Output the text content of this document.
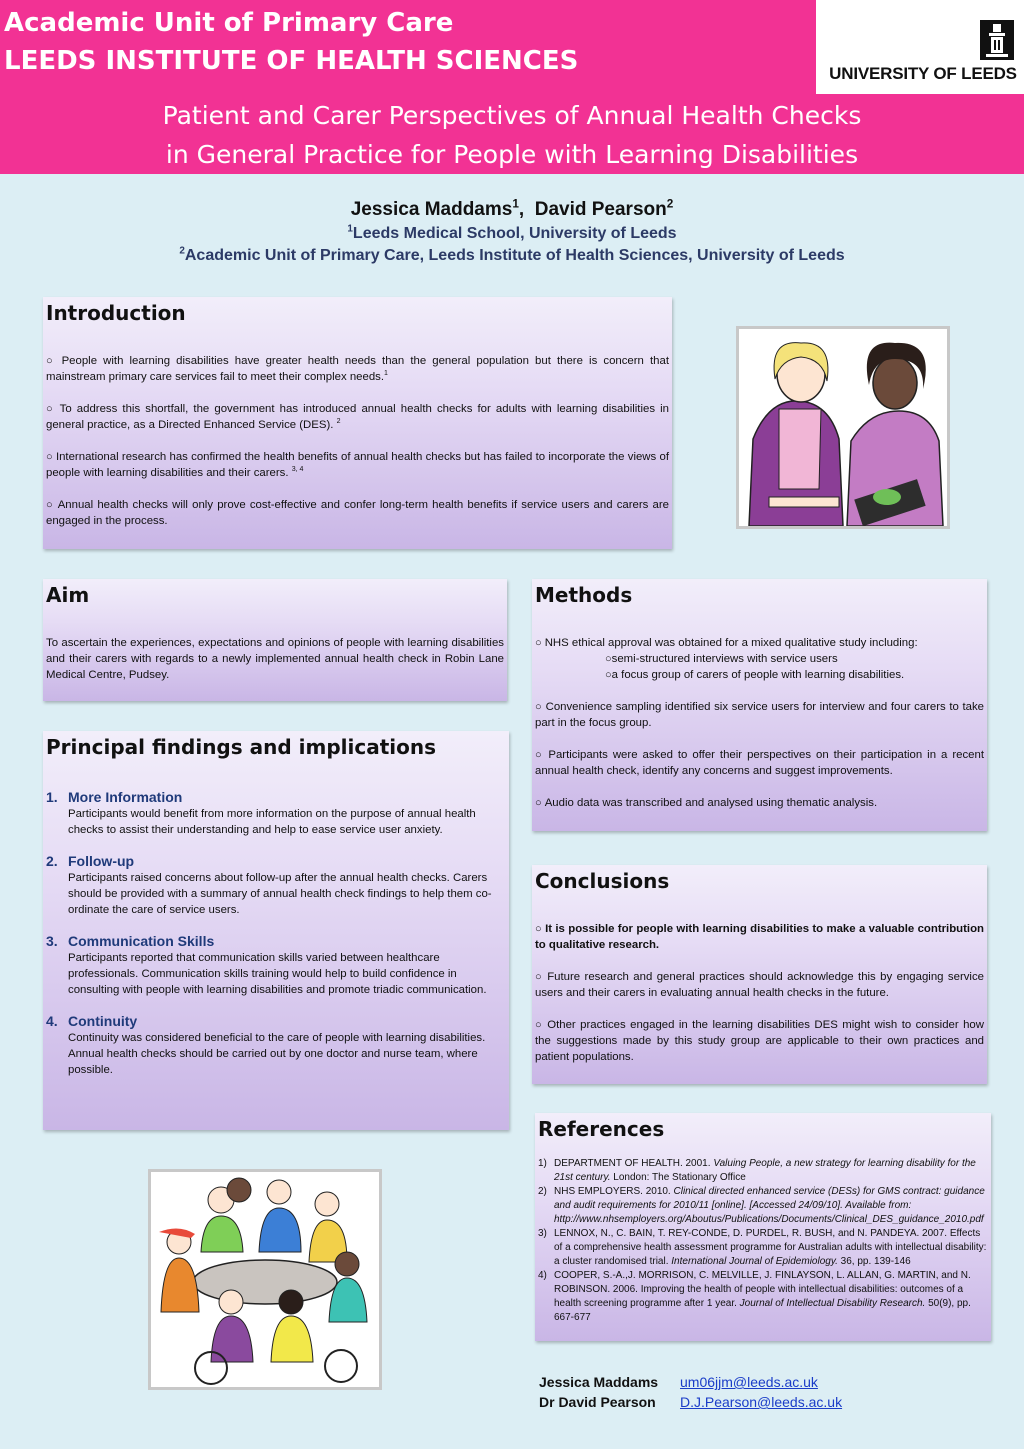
Academic Unit of Primary Care
LEEDS INSTITUTE OF HEALTH SCIENCES	UNIVERSITY OF LEEDS
Patient and Carer Perspectives of Annual Health Checks
in General Practice for People with Learning Disabilities
Jessica Maddams$^1$,  David Pearson$^2$
$^1$Leeds Medical School, University of Leeds
$^2$Academic Unit of Primary Care, Leeds Institute of Health Sciences, University of Leeds
Introduction

○ People with learning disabilities have greater health needs than the general population but there is concern that mainstream primary care services fail to meet their complex needs.$^1$

○ To address this shortfall, the government has introduced annual health checks for adults with learning disabilities in general practice, as a Directed Enhanced Service (DES). $^2$

○ International research has confirmed the health benefits of annual health checks but has failed to incorporate the views of people with learning disabilities and their carers. $^{3, 4}$

○ Annual health checks will only prove cost-effective and confer long-term health benefits if service users and carers are engaged in the process.

Aim

To ascertain the experiences, expectations and opinions of people with learning disabilities and their carers with regards to a newly implemented annual health check in Robin Lane Medical Centre, Pudsey.

Methods

○ NHS ethical approval was obtained for a mixed qualitative study including:

○semi-structured interviews with service users
○a focus group of carers of people with learning disabilities.

○ Convenience sampling identified six service users for interview and four carers to take part in the focus group.

○ Participants were asked to offer their perspectives on their participation in a recent annual health check, identify any concerns and suggest improvements.

○ Audio data was transcribed and analysed using thematic analysis.

Principal findings and implications
1. More Information
Participants would benefit from more information on the purpose of annual health checks to assist their understanding and help to ease service user anxiety.
2. Follow-up
Participants raised concerns about follow-up after the annual health checks. Carers should be provided with a summary of annual health check findings to help them co-ordinate the care of service users.
3. Communication Skills
Participants reported that communication skills varied between healthcare professionals. Communication skills training would help to build confidence in consulting with people with learning disabilities and promote triadic communication.
4. Continuity
Continuity was considered beneficial to the care of people with learning disabilities. Annual health checks should be carried out by one doctor and nurse team, where possible.
Conclusions

○ It is possible for people with learning disabilities to make a valuable contribution to qualitative research.

○ Future research and general practices should acknowledge this by engaging service users and their carers in evaluating annual health checks in the future.

○ Other practices engaged in the learning disabilities DES might wish to consider how the suggestions made by this study group are applicable to their own practices and patient populations.

References
1) DEPARTMENT OF HEALTH. 2001. Valuing People, a new strategy for learning disability for the 21st century. London: The Stationary Office
2) NHS EMPLOYERS. 2010. Clinical directed enhanced service (DESs) for GMS contract: guidance and audit requirements for 2010/11 [online]. [Accessed 24/09/10]. Available from: http://www.nhsemployers.org/Aboutus/Publications/Documents/Clinical_DES_guidance_2010.pdf
3) LENNOX, N., C. BAIN, T. REY-CONDE, D. PURDEL, R. BUSH, and N. PANDEYA. 2007. Effects of a comprehensive health assessment programme for Australian adults with intellectual disability: a cluster randomised trial. International Journal of Epidemiology. 36, pp. 139-146
4) COOPER, S.-A.,J. MORRISON, C. MELVILLE, J. FINLAYSON, L. ALLAN, G. MARTIN, and N. ROBINSON. 2006. Improving the health of people with intellectual disabilities: outcomes of a health screening programme after 1 year. Journal of Intellectual Disability Research. 50(9), pp. 667-677
Jessica Maddams	um06jjm@leeds.ac.uk
Dr David Pearson	D.J.Pearson@leeds.ac.uk
